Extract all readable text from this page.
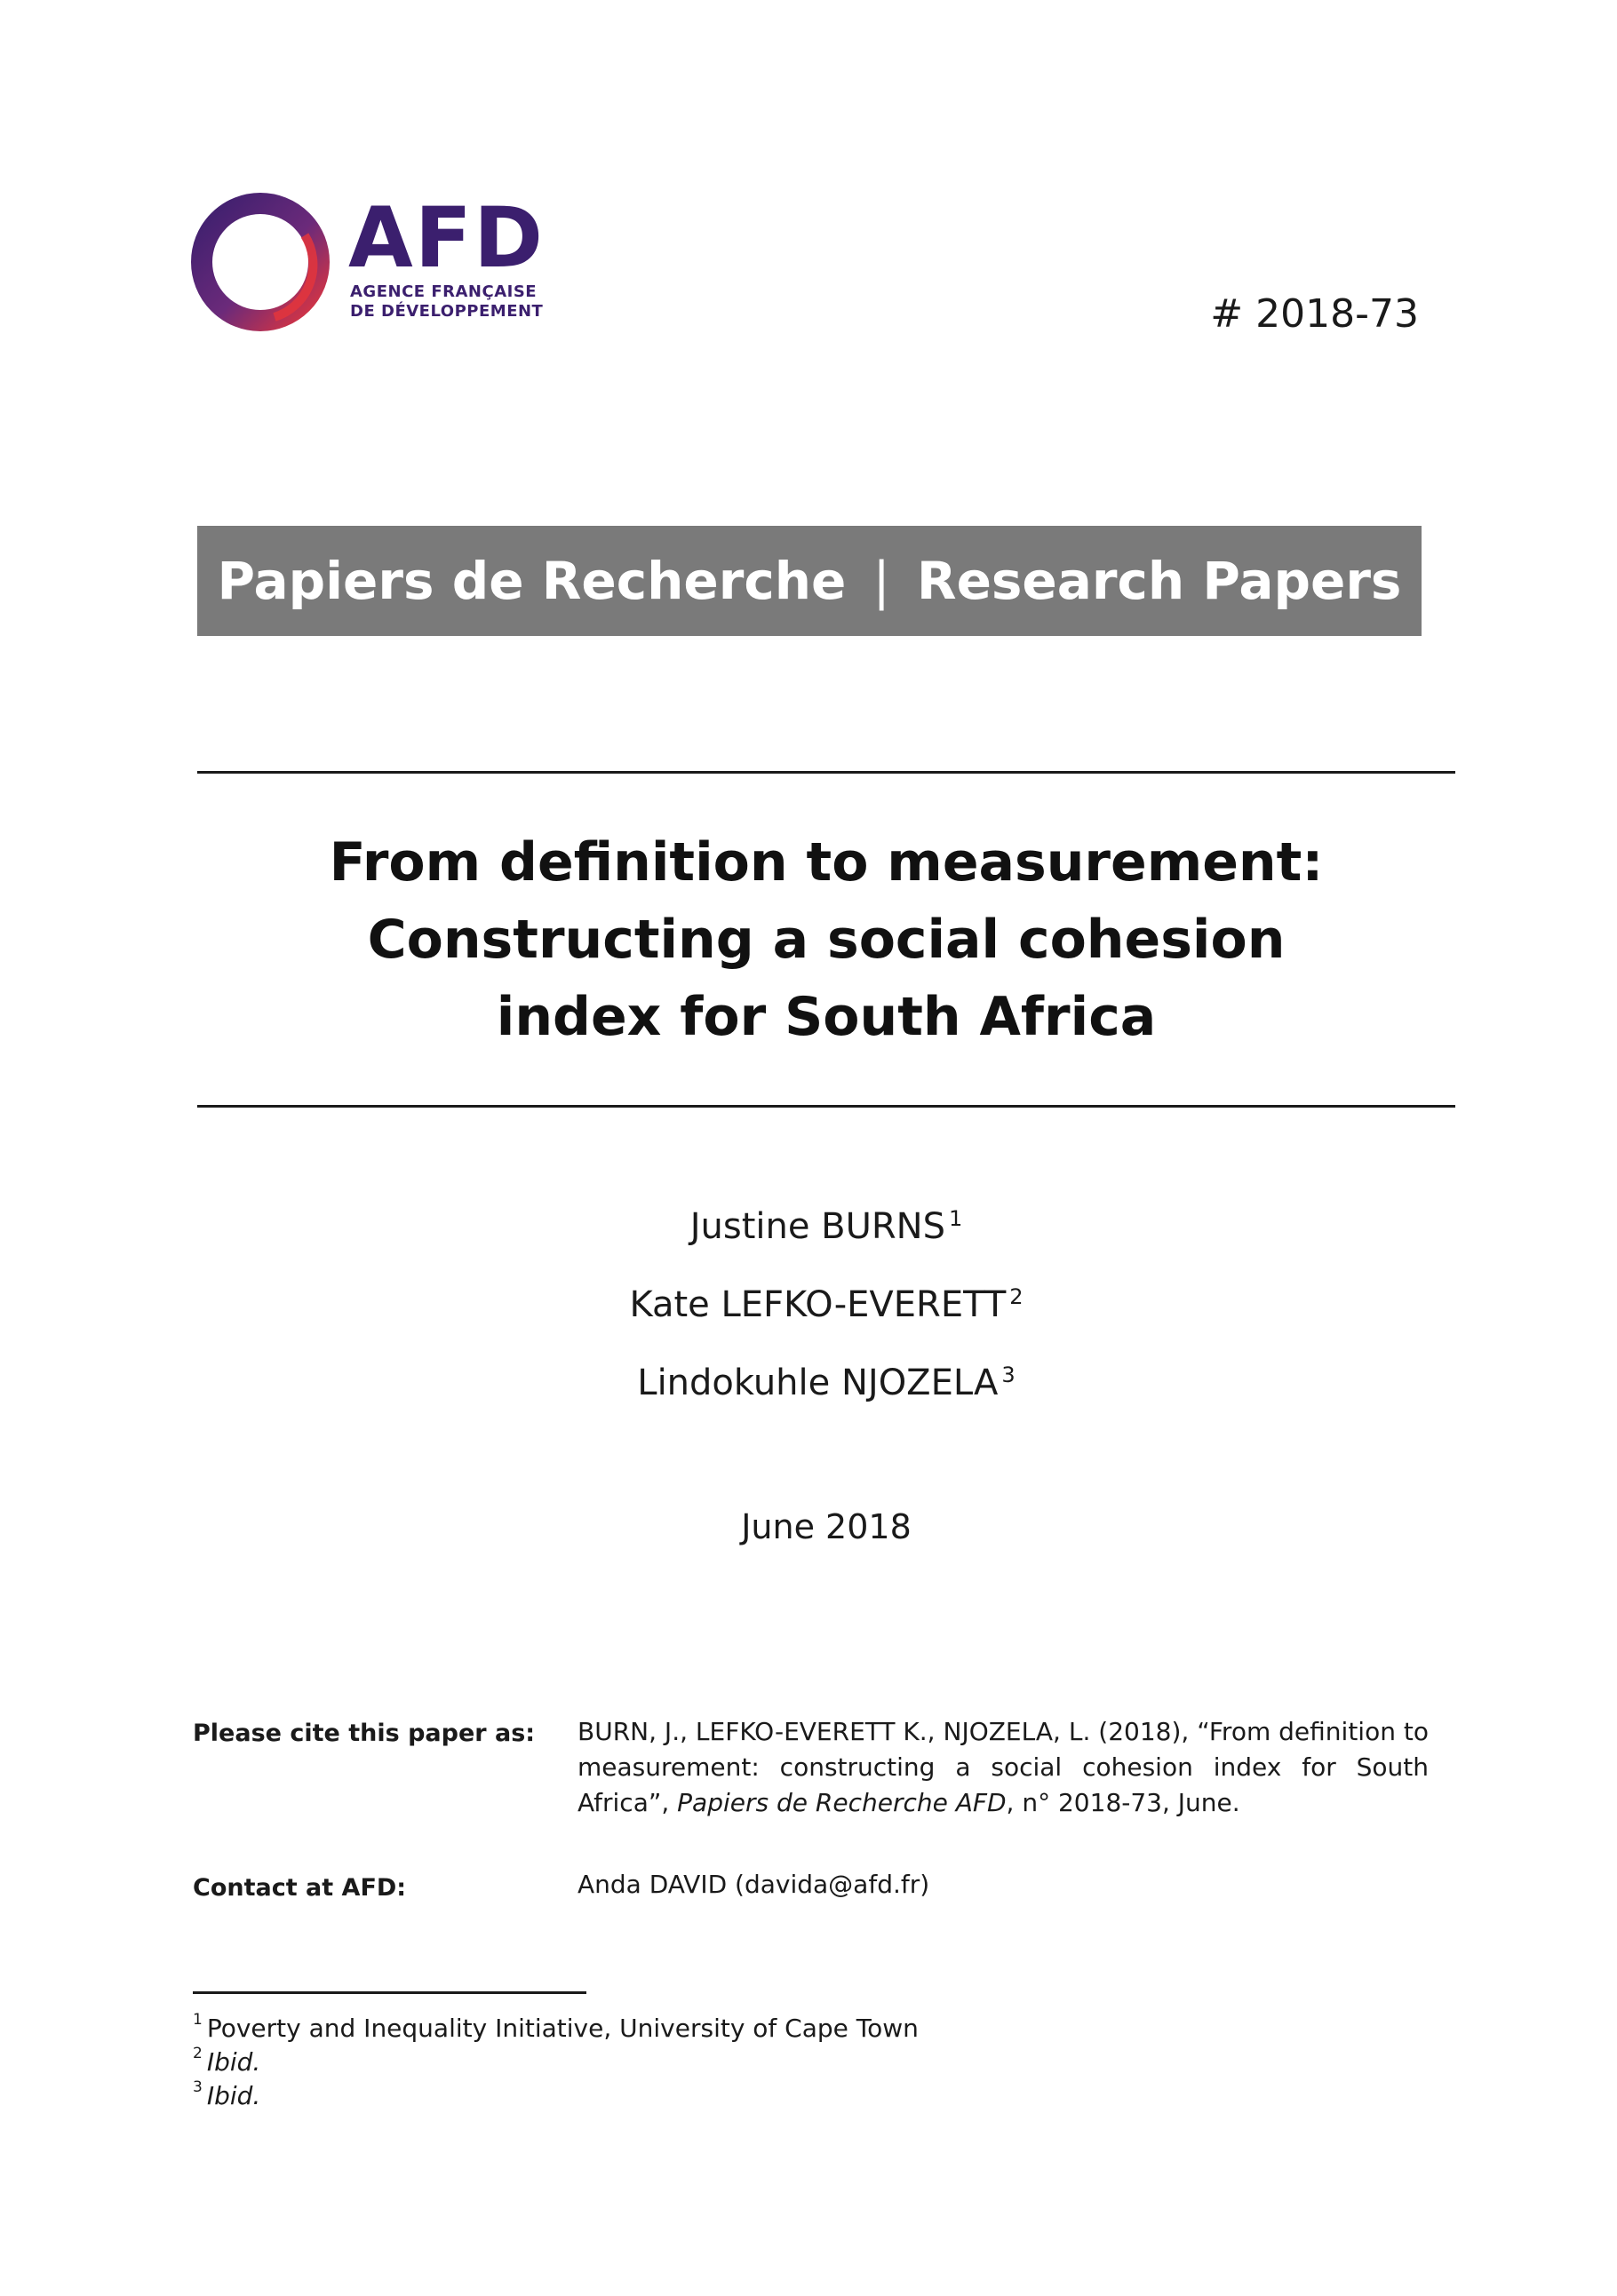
AFD
AGENCE FRANÇAISE
DE DÉVELOPPEMENT	# 2018-73
Papiers de Recherche | Research Papers
From definition to measurement:
Constructing a social cohesion
index for South Africa
Justine BURNS $^1$
Kate LEFKO-EVERETT $^2$
Lindokuhle NJOZELA $^3$
June 2018
Please cite this paper as: BURN, J., LEFKO-EVERETT K., NJOZELA, L. (2018), “From definition to measurement: constructing a social cohesion index for South Africa”, Papiers de Recherche AFD, n° 2018-73, June.
Contact at AFD:	Anda DAVID (davida@afd.fr)
$^1$ Poverty and Inequality Initiative, University of Cape Town
$^2$ Ibid.
$^3$ Ibid.
